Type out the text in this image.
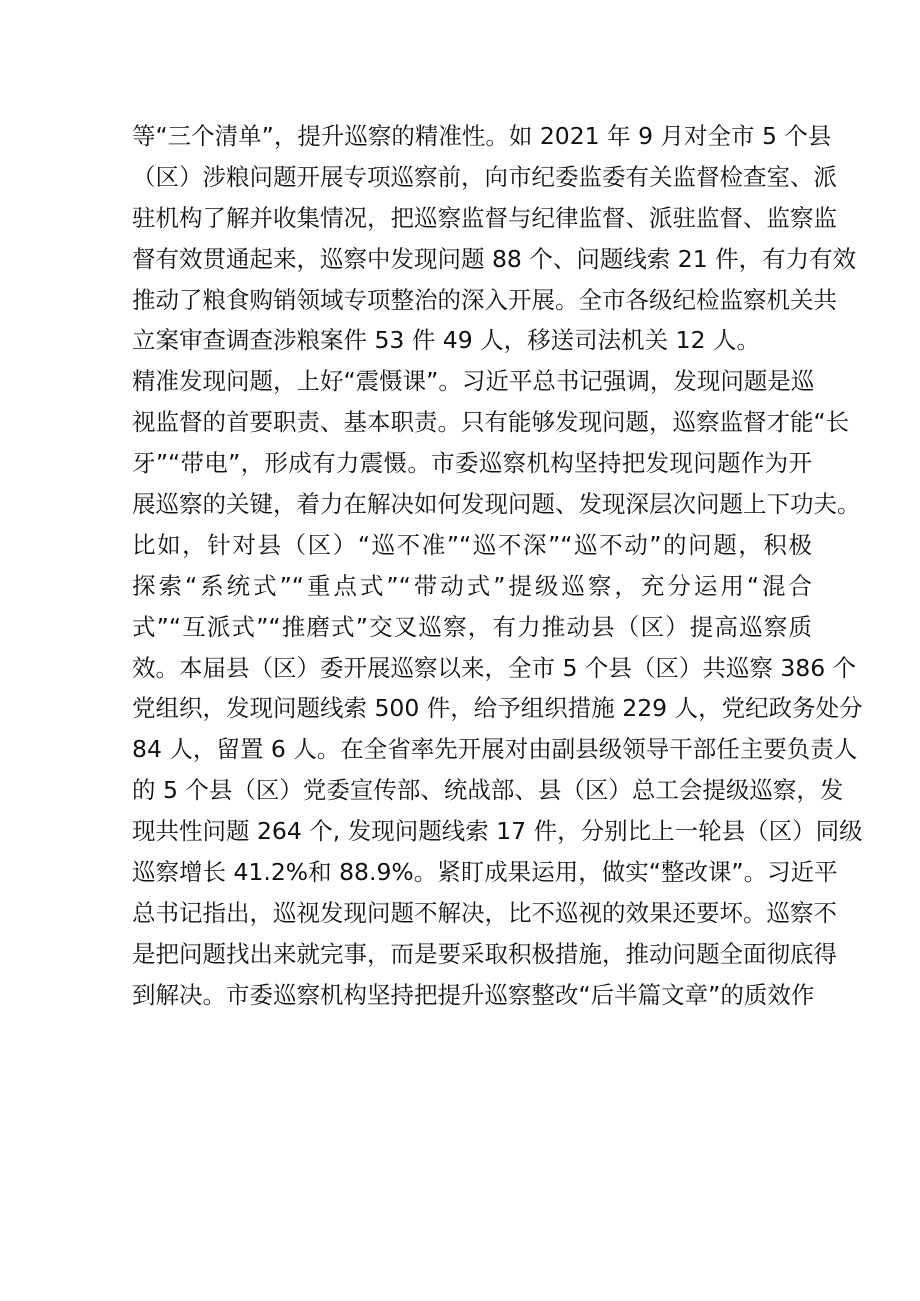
等“三个清单”，提升巡察的精准性。如 2021 年 9 月对全市 5 个县
（区）涉粮问题开展专项巡察前，向市纪委监委有关监督检查室、派
驻机构了解并收集情况，把巡察监督与纪律监督、派驻监督、监察监
督有效贯通起来，巡察中发现问题 88 个、问题线索 21 件，有力有效
推动了粮食购销领域专项整治的深入开展。全市各级纪检监察机关共
立案审查调查涉粮案件 53 件 49 人，移送司法机关 12 人。
精准发现问题，上好“震慑课”。习近平总书记强调，发现问题是巡
视监督的首要职责、基本职责。只有能够发现问题，巡察监督才能“长
牙”“带电”，形成有力震慑。市委巡察机构坚持把发现问题作为开
展巡察的关键，着力在解决如何发现问题、发现深层次问题上下功夫。
比如，针对县（区）“巡不准”“巡不深”“巡不动”的问题，积极
探索“系统式”“重点式”“带动式”提级巡察，充分运用“混合
式”“互派式”“推磨式”交叉巡察，有力推动县（区）提高巡察质
效。本届县（区）委开展巡察以来，全市 5 个县（区）共巡察 386 个
党组织，发现问题线索 500 件，给予组织措施 229 人，党纪政务处分
84 人，留置 6 人。在全省率先开展对由副县级领导干部任主要负责人
的 5 个县（区）党委宣传部、统战部、县（区）总工会提级巡察，发
现共性问题 264 个, 发现问题线索 17 件，分别比上一轮县（区）同级
巡察增长 41.2%和 88.9%。紧盯成果运用，做实“整改课”。习近平
总书记指出，巡视发现问题不解决，比不巡视的效果还要坏。巡察不
是把问题找出来就完事，而是要采取积极措施，推动问题全面彻底得
到解决。市委巡察机构坚持把提升巡察整改“后半篇文章”的质效作
